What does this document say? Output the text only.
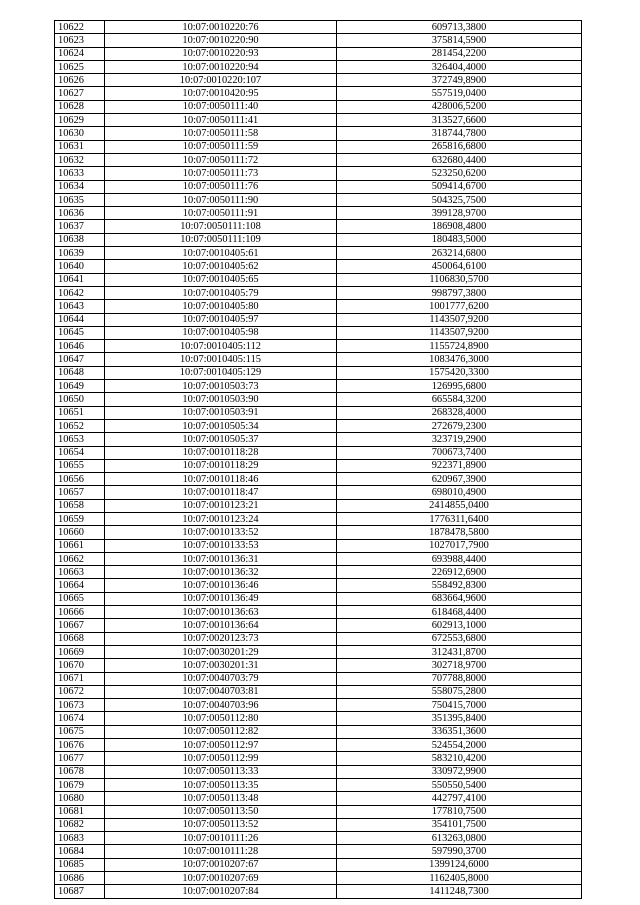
10622	10:07:0010220:76	609713,3800
10623	10:07:0010220:90	375814,5900
10624	10:07:0010220:93	281454,2200
10625	10:07:0010220:94	326404,4000
10626	10:07:0010220:107	372749,8900
10627	10:07:0010420:95	557519,0400
10628	10:07:0050111:40	428006,5200
10629	10:07:0050111:41	313527,6600
10630	10:07:0050111:58	318744,7800
10631	10:07:0050111:59	265816,6800
10632	10:07:0050111:72	632680,4400
10633	10:07:0050111:73	523250,6200
10634	10:07:0050111:76	509414,6700
10635	10:07:0050111:90	504325,7500
10636	10:07:0050111:91	399128,9700
10637	10:07:0050111:108	186908,4800
10638	10:07:0050111:109	180483,5000
10639	10:07:0010405:61	263214,6800
10640	10:07:0010405:62	450064,6100
10641	10:07:0010405:65	1106830,5700
10642	10:07:0010405:79	998797,3800
10643	10:07:0010405:80	1001777,6200
10644	10:07:0010405:97	1143507,9200
10645	10:07:0010405:98	1143507,9200
10646	10:07:0010405:112	1155724,8900
10647	10:07:0010405:115	1083476,3000
10648	10:07:0010405:129	1575420,3300
10649	10:07:0010503:73	126995,6800
10650	10:07:0010503:90	665584,3200
10651	10:07:0010503:91	268328,4000
10652	10:07:0010505:34	272679,2300
10653	10:07:0010505:37	323719,2900
10654	10:07:0010118:28	700673,7400
10655	10:07:0010118:29	922371,8900
10656	10:07:0010118:46	620967,3900
10657	10:07:0010118:47	698010,4900
10658	10:07:0010123:21	2414855,0400
10659	10:07:0010123:24	1776311,6400
10660	10:07:0010133:52	1878478,5800
10661	10:07:0010133:53	1027017,7900
10662	10:07:0010136:31	693988,4400
10663	10:07:0010136:32	226912,6900
10664	10:07:0010136:46	558492,8300
10665	10:07:0010136:49	683664,9600
10666	10:07:0010136:63	618468,4400
10667	10:07:0010136:64	602913,1000
10668	10:07:0020123:73	672553,6800
10669	10:07:0030201:29	312431,8700
10670	10:07:0030201:31	302718,9700
10671	10:07:0040703:79	707788,8000
10672	10:07:0040703:81	558075,2800
10673	10:07:0040703:96	750415,7000
10674	10:07:0050112:80	351395,8400
10675	10:07:0050112:82	336351,3600
10676	10:07:0050112:97	524554,2000
10677	10:07:0050112:99	583210,4200
10678	10:07:0050113:33	330972,9900
10679	10:07:0050113:35	550550,5400
10680	10:07:0050113:48	442797,4100
10681	10:07:0050113:50	177810,7500
10682	10:07:0050113:52	354101,7500
10683	10:07:0010111:26	613263,0800
10684	10:07:0010111:28	597990,3700
10685	10:07:0010207:67	1399124,6000
10686	10:07:0010207:69	1162405,8000
10687	10:07:0010207:84	1411248,7300
